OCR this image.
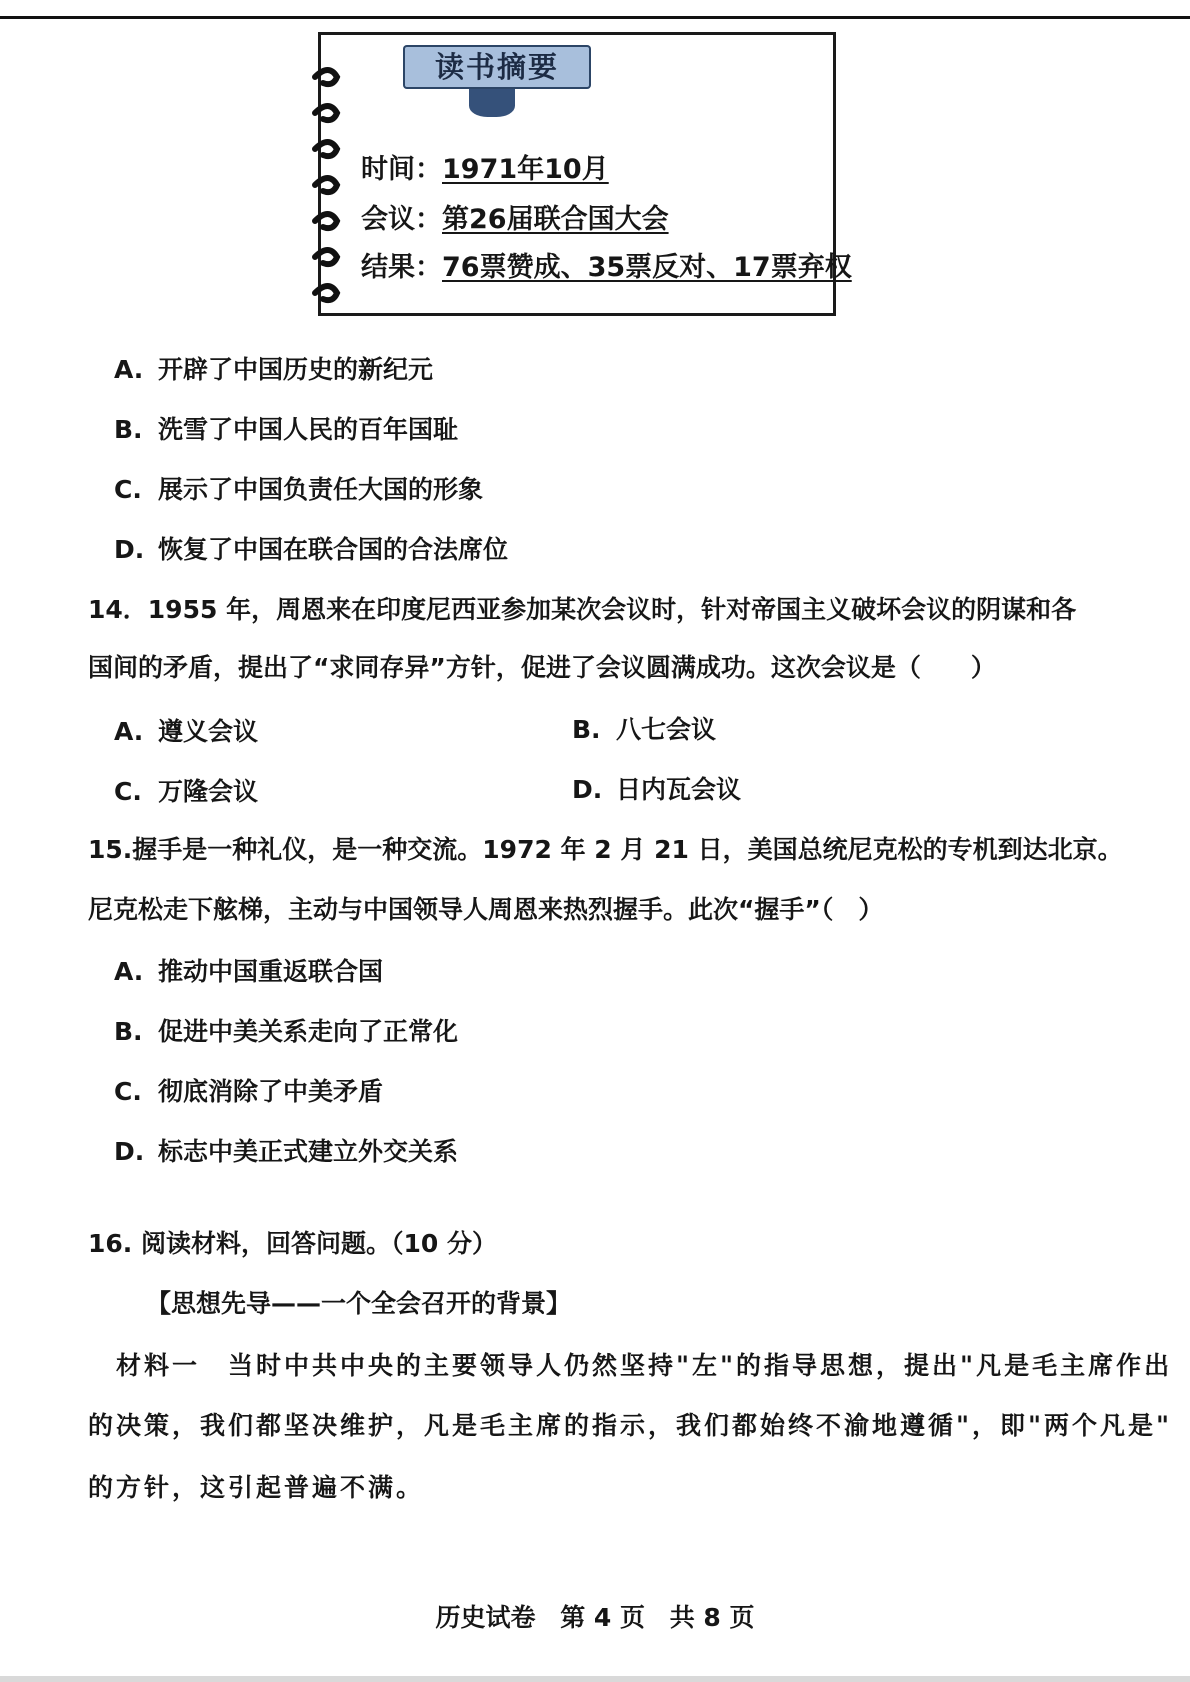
读书摘要
时间：1971年10月
会议：第26届联合国大会
结果：76票赞成、35票反对、17票弃权
A. 开辟了中国历史的新纪元
B. 洗雪了中国人民的百年国耻
C. 展示了中国负责任大国的形象
D. 恢复了中国在联合国的合法席位
14．1955 年，周恩来在印度尼西亚参加某次会议时，针对帝国主义破坏会议的阴谋和各
国间的矛盾，提出了“求同存异”方针，促进了会议圆满成功。这次会议是（　　）
A. 遵义会议	B. 八七会议
C. 万隆会议	D. 日内瓦会议
15.握手是一种礼仪，是一种交流。1972 年 2 月 21 日，美国总统尼克松的专机到达北京。
尼克松走下舷梯，主动与中国领导人周恩来热烈握手。此次“握手”（　）
A. 推动中国重返联合国
B. 促进中美关系走向了正常化
C. 彻底消除了中美矛盾
D. 标志中美正式建立外交关系
16. 阅读材料，回答问题。（10 分）
【思想先导——一个全会召开的背景】
材料一　当时中共中央的主要领导人仍然坚持"左"的指导思想，提出"凡是毛主席作出
的决策，我们都坚决维护，凡是毛主席的指示，我们都始终不渝地遵循"，即"两个凡是"
的方针，这引起普遍不满。
历史试卷 第 4 页 共 8 页
